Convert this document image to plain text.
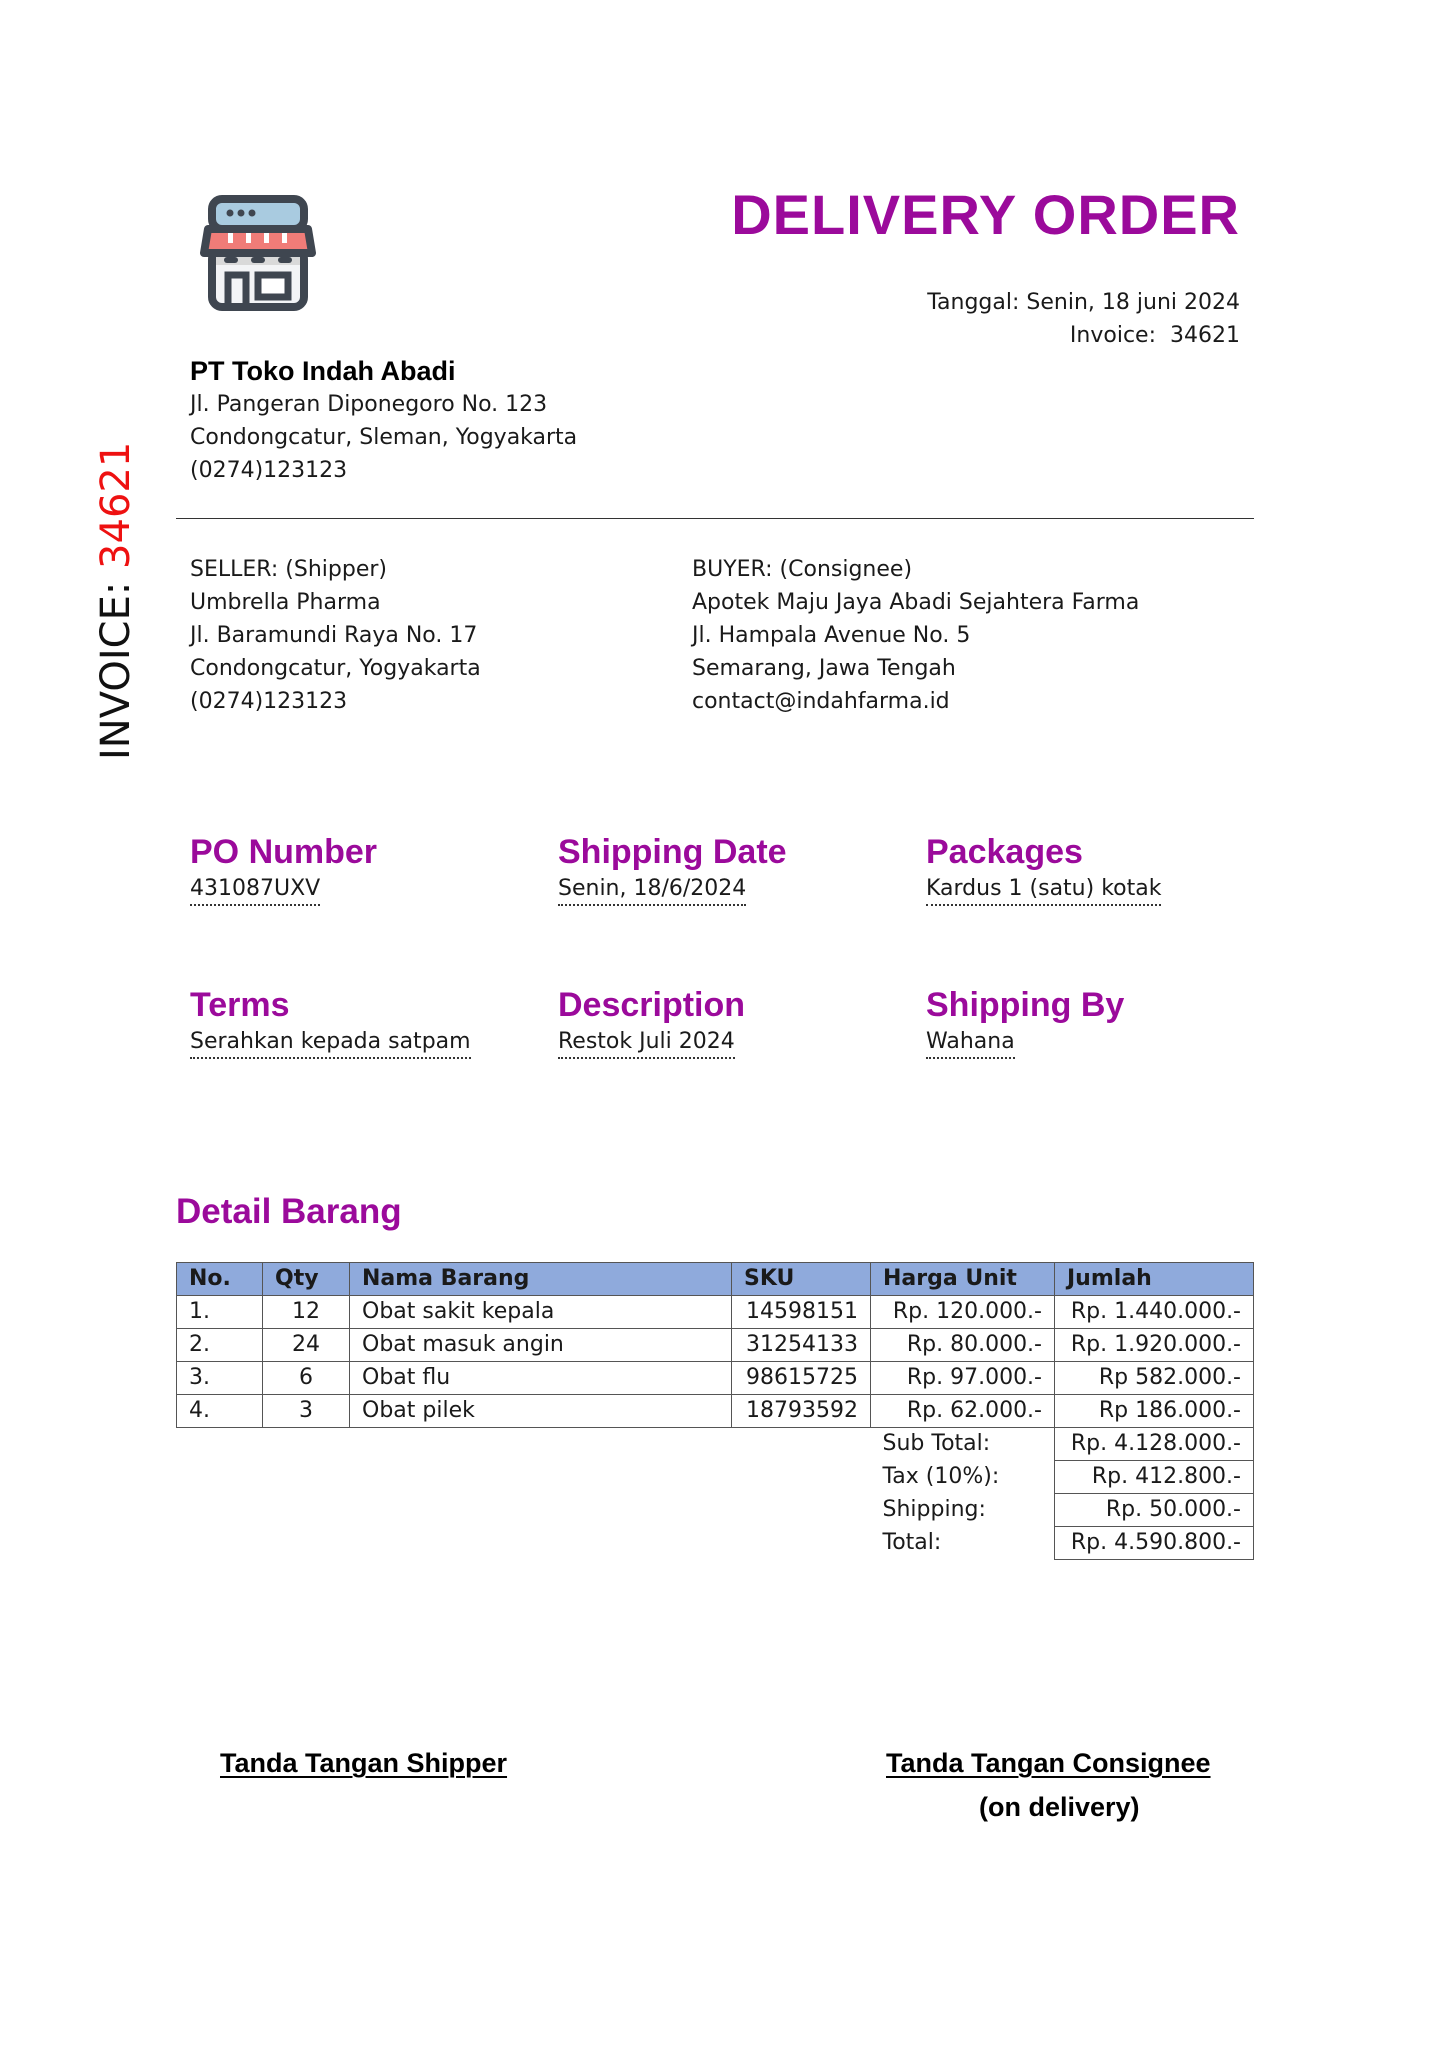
DELIVERY ORDER
Tanggal: Senin, 18 juni 2024
Invoice: 34621
INVOICE: 34621
PT Toko Indah Abadi
Jl. Pangeran Diponegoro No. 123
Condongcatur, Sleman, Yogyakarta
(0274)123123
SELLER: (Shipper)
Umbrella Pharma
Jl. Baramundi Raya No. 17
Condongcatur, Yogyakarta
(0274)123123
BUYER: (Consignee)
Apotek Maju Jaya Abadi Sejahtera Farma
Jl. Hampala Avenue No. 5
Semarang, Jawa Tengah
contact@indahfarma.id
PO Number
431087UXV
Shipping Date
Senin, 18/6/2024
Packages
Kardus 1 (satu) kotak
Terms
Serahkan kepada satpam
Description
Restok Juli 2024
Shipping By
Wahana
Detail Barang
No.	Qty	Nama Barang	SKU	Harga Unit	Jumlah
1.	12	Obat sakit kepala	14598151	Rp. 120.000.-	Rp. 1.440.000.-
2.	24	Obat masuk angin	31254133	Rp. 80.000.-	Rp. 1.920.000.-
3.	6	Obat flu	98615725	Rp. 97.000.-	Rp 582.000.-
4.	3	Obat pilek	18793592	Rp. 62.000.-	Rp 186.000.-
				Sub Total:	Rp. 4.128.000.-
				Tax (10%):	Rp. 412.800.-
				Shipping:	Rp. 50.000.-
				Total:	Rp. 4.590.800.-
Tanda Tangan Shipper	Tanda Tangan Consignee
(on delivery)
